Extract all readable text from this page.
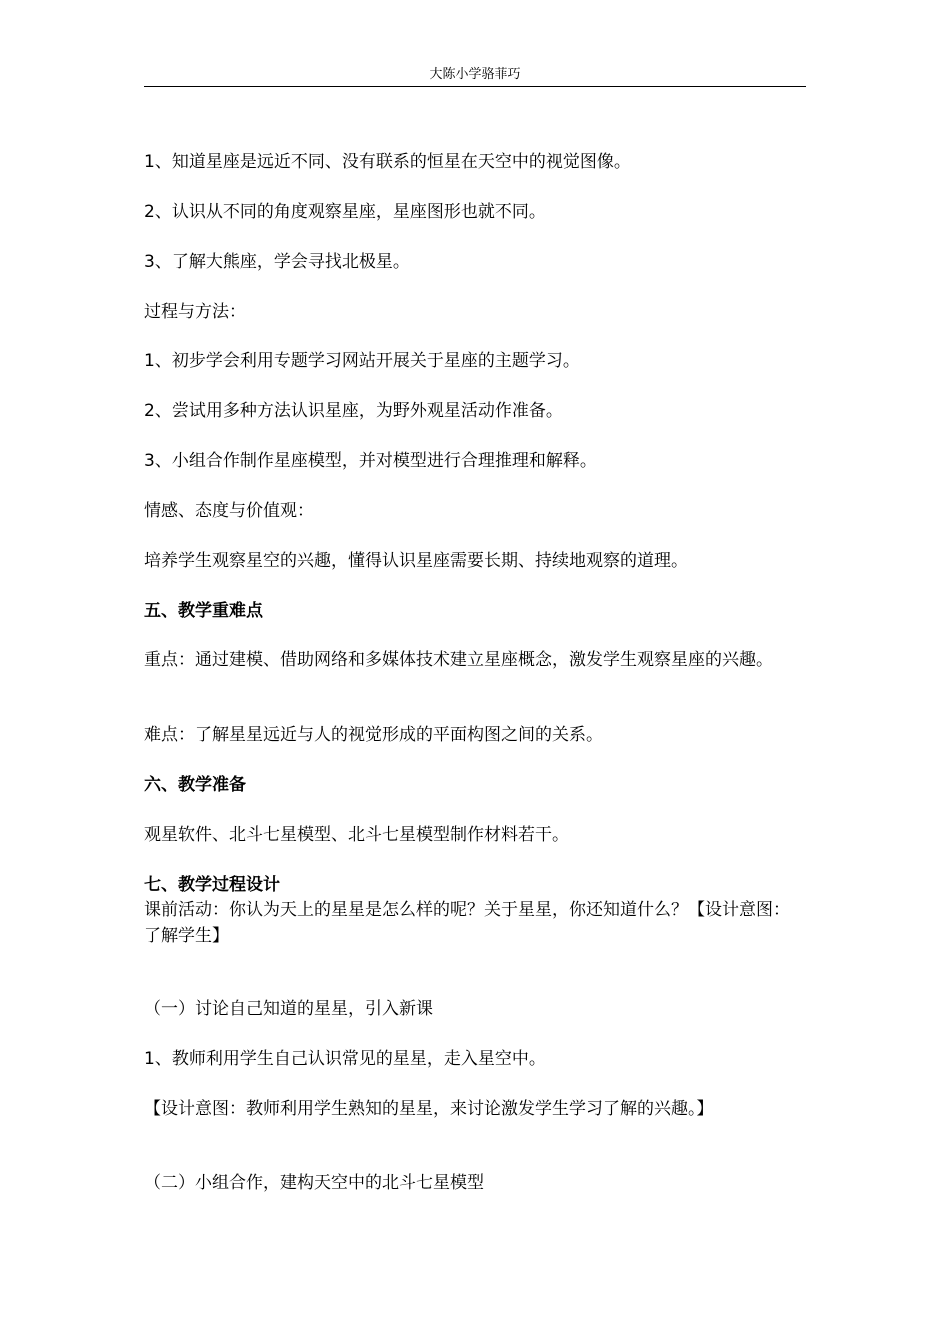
大陈小学骆菲巧
1、知道星座是远近不同、没有联系的恒星在天空中的视觉图像。
2、认识从不同的角度观察星座，星座图形也就不同。
3、了解大熊座，学会寻找北极星。
过程与方法：
1、初步学会利用专题学习网站开展关于星座的主题学习。
2、尝试用多种方法认识星座，为野外观星活动作准备。
3、小组合作制作星座模型，并对模型进行合理推理和解释。
情感、态度与价值观：
培养学生观察星空的兴趣，懂得认识星座需要长期、持续地观察的道理。
五、教学重难点
重点：通过建模、借助网络和多媒体技术建立星座概念，激发学生观察星座的兴趣。
难点：了解星星远近与人的视觉形成的平面构图之间的关系。
六、教学准备
观星软件、北斗七星模型、北斗七星模型制作材料若干。
七、教学过程设计
课前活动：你认为天上的星星是怎么样的呢？关于星星，你还知道什么？【设计意图：了解学生】
（一）讨论自己知道的星星，引入新课
1、教师利用学生自己认识常见的星星，走入星空中。
【设计意图：教师利用学生熟知的星星，来讨论激发学生学习了解的兴趣。】
（二）小组合作，建构天空中的北斗七星模型
